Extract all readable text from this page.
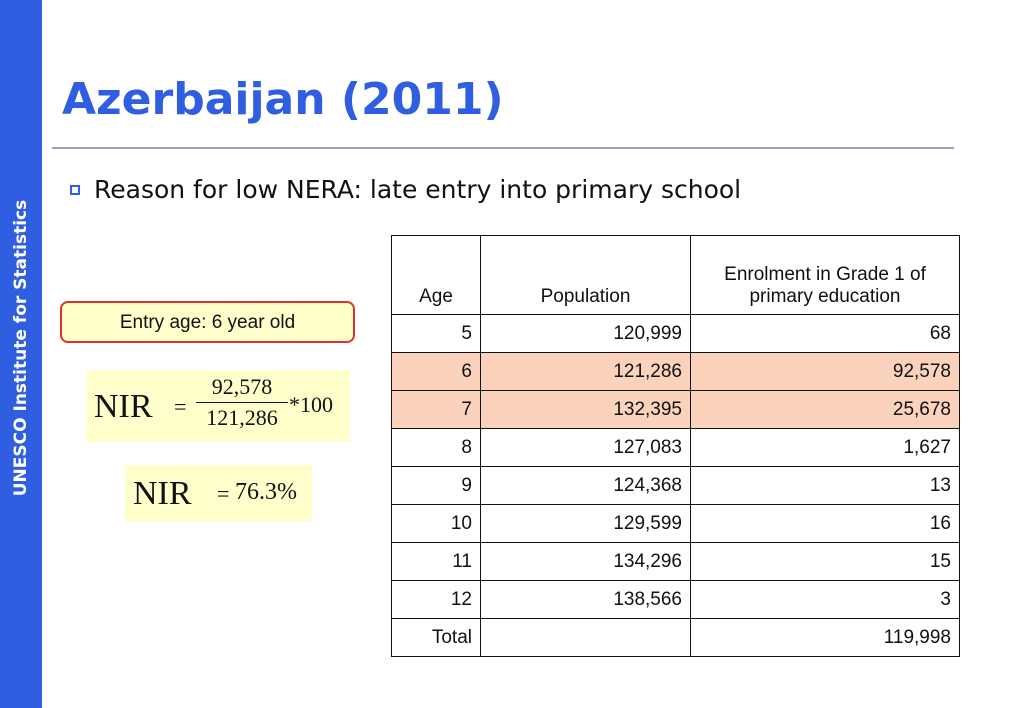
UNESCO Institute for Statistics
Azerbaijan (2011)
Reason for low NERA: late entry into primary school
Entry age: 6 year old
NIR = $\frac{92,578}{121,286} *100$
NIR = 76.3%
Age	Population	Enrolment in Grade 1 of primary education
5	120,999	68
6	121,286	92,578
7	132,395	25,678
8	127,083	1,627
9	124,368	13
10	129,599	16
11	134,296	15
12	138,566	3
Total		119,998
